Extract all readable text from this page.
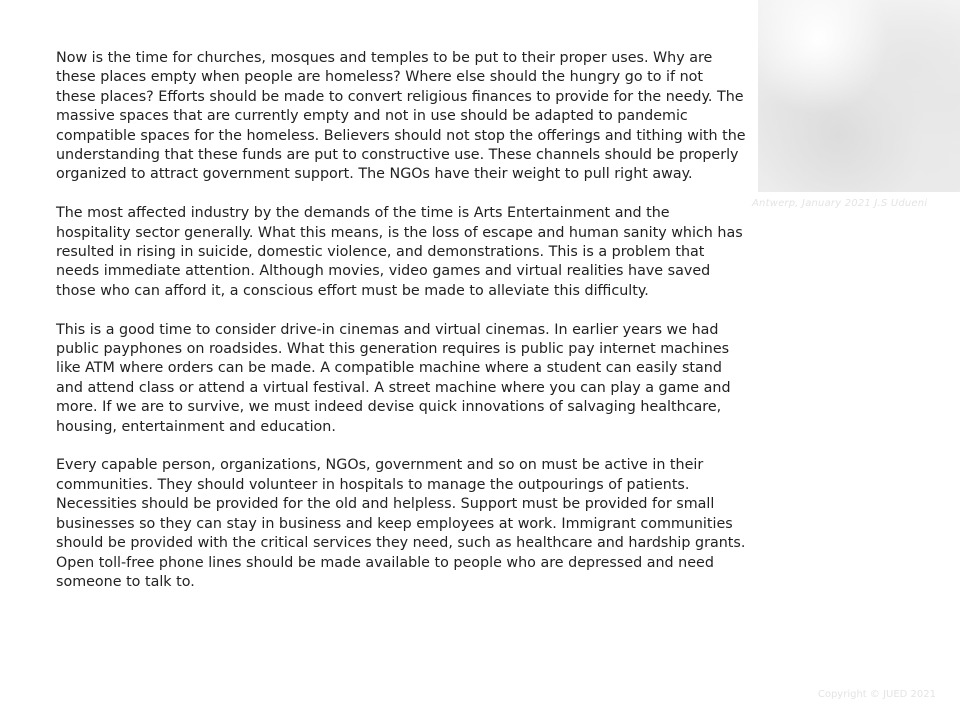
Antwerp, January 2021 J.S Udueni

Now is the time for churches, mosques and temples to be put to their proper uses. Why are these places empty when people are homeless? Where else should the hungry go to if not these places? Efforts should be made to convert religious finances to provide for the needy. The massive spaces that are currently empty and not in use should be adapted to pandemic compatible spaces for the homeless. Believers should not stop the offerings and tithing with the understanding that these funds are put to constructive use. These channels should be properly organized to attract government support. The NGOs have their weight to pull right away.

The most affected industry by the demands of the time is Arts Entertainment and the hospitality sector generally. What this means, is the loss of escape and human sanity which has resulted in rising in suicide, domestic violence, and demonstrations. This is a problem that needs immediate attention. Although movies, video games and virtual realities have saved those who can afford it, a conscious effort must be made to alleviate this difficulty.

This is a good time to consider drive-in cinemas and virtual cinemas. In earlier years we had public payphones on roadsides. What this generation requires is public pay internet machines like ATM where orders can be made. A compatible machine where a student can easily stand and attend class or attend a virtual festival. A street machine where you can play a game and more. If we are to survive, we must indeed devise quick innovations of salvaging healthcare, housing, entertainment and education.

Every capable person, organizations, NGOs, government and so on must be active in their communities. They should volunteer in hospitals to manage the outpourings of patients. Necessities should be provided for the old and helpless. Support must be provided for small businesses so they can stay in business and keep employees at work. Immigrant communities should be provided with the critical services they need, such as healthcare and hardship grants. Open toll-free phone lines should be made available to people who are depressed and need someone to talk to.

Copyright © JUED 2021
